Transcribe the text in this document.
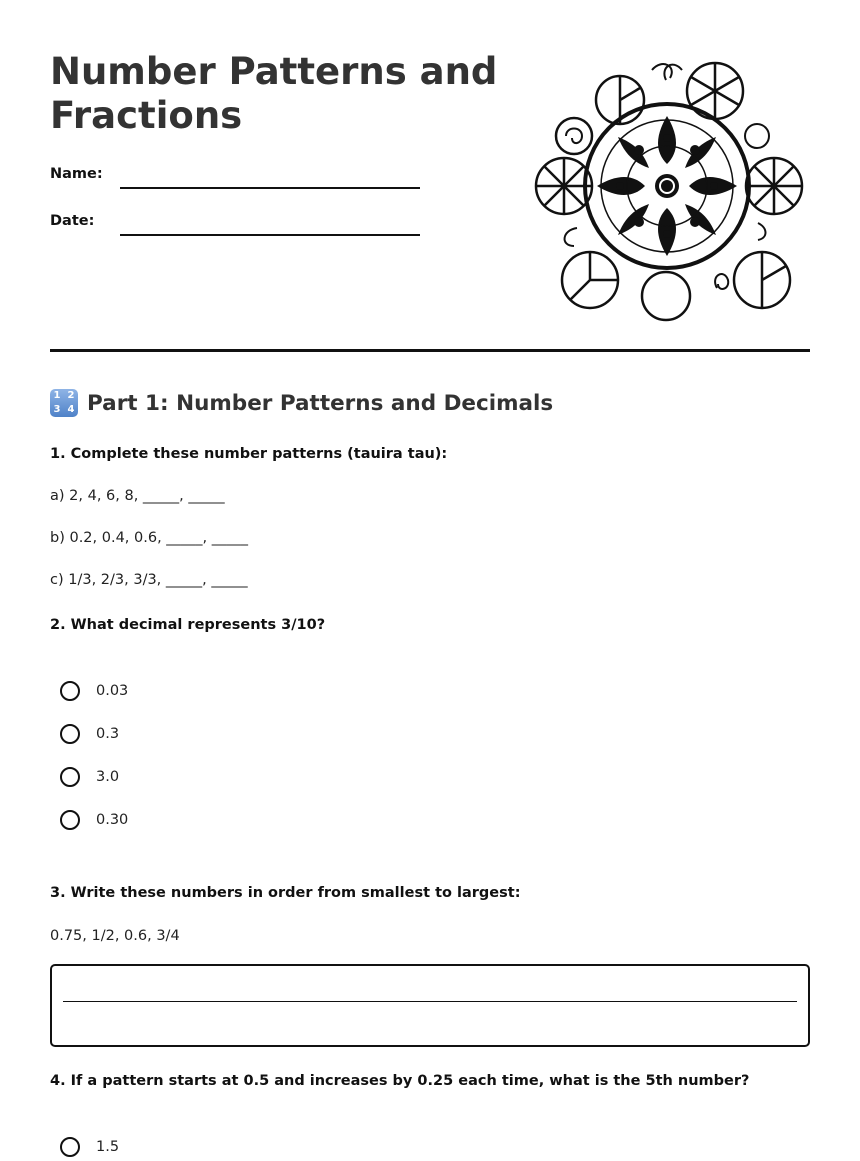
Number Patterns and Fractions
Name:
Date:
1 2
3 4 Part 1: Number Patterns and Decimals
1. Complete these number patterns (tauira tau):
a) 2, 4, 6, 8, _____, _____
b) 0.2, 0.4, 0.6, _____, _____
c) 1/3, 2/3, 3/3, _____, _____
2. What decimal represents 3/10?
0.03
0.3
3.0
0.30
3. Write these numbers in order from smallest to largest:
0.75, 1/2, 0.6, 3/4
4. If a pattern starts at 0.5 and increases by 0.25 each time, what is the 5th number?
1.5
